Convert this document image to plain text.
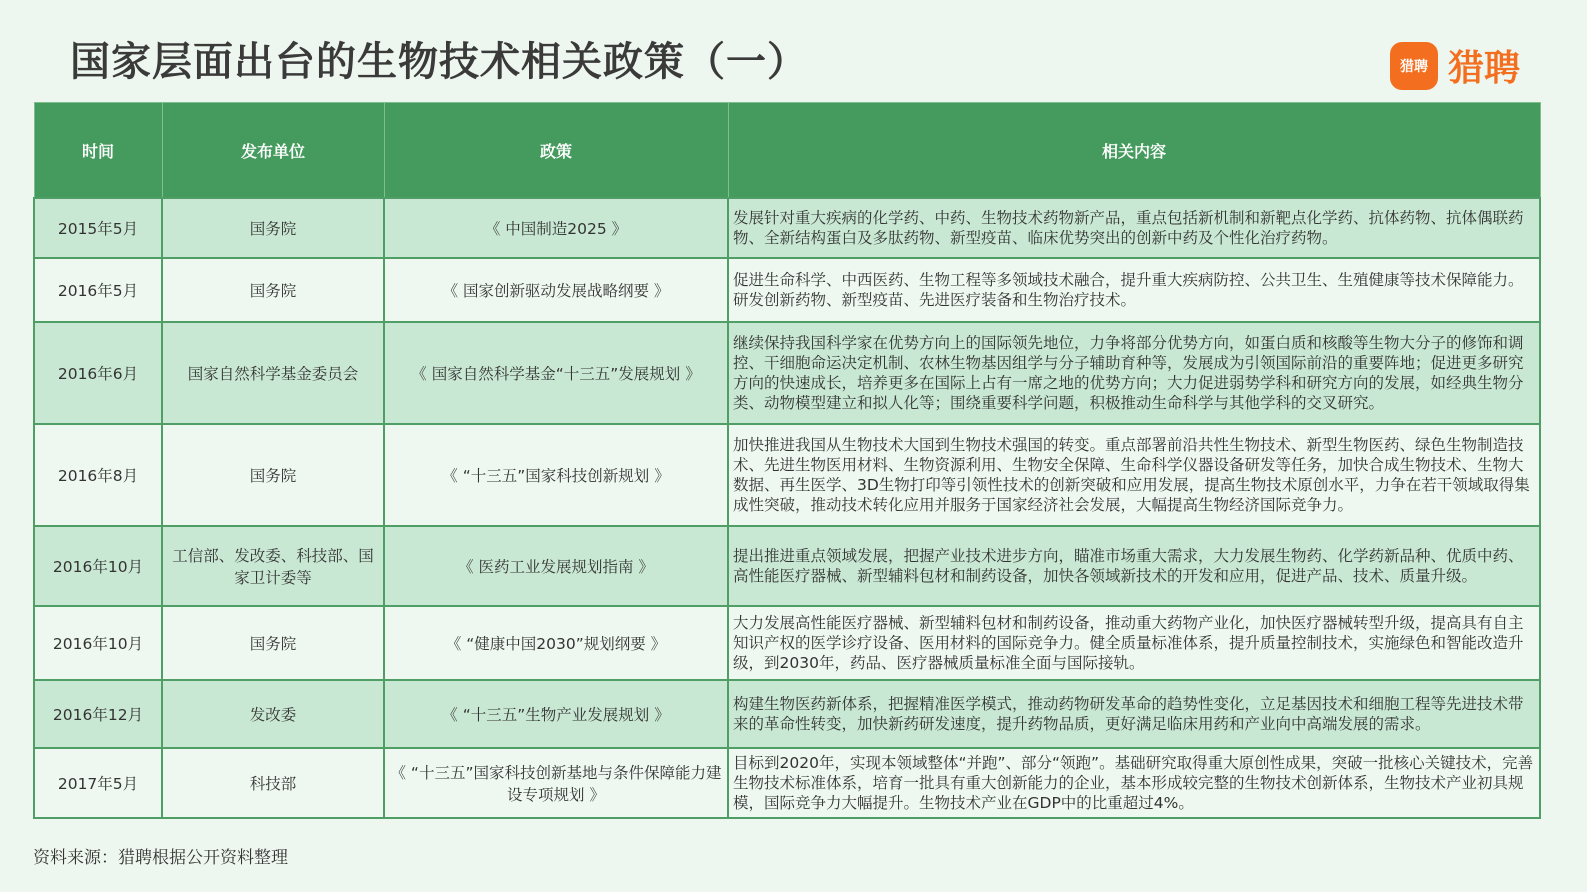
国家层面出台的生物技术相关政策（一）	猎聘 猎聘
时间	发布单位	政策	相关内容
2015年5月	国务院	《 中国制造2025 》	发展针对重大疾病的化学药、中药、生物技术药物新产品，重点包括新机制和新靶点化学药、抗体药物、抗体偶联药物、全新结构蛋白及多肽药物、新型疫苗、临床优势突出的创新中药及个性化治疗药物。
2016年5月	国务院	《 国家创新驱动发展战略纲要 》	促进生命科学、中西医药、生物工程等多领域技术融合，提升重大疾病防控、公共卫生、生殖健康等技术保障能力。研发创新药物、新型疫苗、先进医疗装备和生物治疗技术。
2016年6月	国家自然科学基金委员会	《 国家自然科学基金“十三五”发展规划 》	继续保持我国科学家在优势方向上的国际领先地位，力争将部分优势方向，如蛋白质和核酸等生物大分子的修饰和调控、干细胞命运决定机制、农林生物基因组学与分子辅助育种等，发展成为引领国际前沿的重要阵地；促进更多研究方向的快速成长，培养更多在国际上占有一席之地的优势方向；大力促进弱势学科和研究方向的发展，如经典生物分类、动物模型建立和拟人化等；围绕重要科学问题，积极推动生命科学与其他学科的交叉研究。
2016年8月	国务院	《 “十三五”国家科技创新规划 》	加快推进我国从生物技术大国到生物技术强国的转变。重点部署前沿共性生物技术、新型生物医药、绿色生物制造技术、先进生物医用材料、生物资源利用、生物安全保障、生命科学仪器设备研发等任务，加快合成生物技术、生物大数据、再生医学、3D生物打印等引领性技术的创新突破和应用发展，提高生物技术原创水平，力争在若干领域取得集成性突破，推动技术转化应用并服务于国家经济社会发展，大幅提高生物经济国际竞争力。
2016年10月	工信部、发改委、科技部、国家卫计委等	《 医药工业发展规划指南 》	提出推进重点领域发展，把握产业技术进步方向，瞄准市场重大需求，大力发展生物药、化学药新品种、优质中药、高性能医疗器械、新型辅料包材和制药设备，加快各领域新技术的开发和应用，促进产品、技术、质量升级。
2016年10月	国务院	《 “健康中国2030”规划纲要 》	大力发展高性能医疗器械、新型辅料包材和制药设备，推动重大药物产业化，加快医疗器械转型升级，提高具有自主知识产权的医学诊疗设备、医用材料的国际竞争力。健全质量标准体系，提升质量控制技术，实施绿色和智能改造升级，到2030年，药品、医疗器械质量标准全面与国际接轨。
2016年12月	发改委	《 “十三五”生物产业发展规划 》	构建生物医药新体系，把握精准医学模式，推动药物研发革命的趋势性变化，立足基因技术和细胞工程等先进技术带来的革命性转变，加快新药研发速度，提升药物品质，更好满足临床用药和产业向中高端发展的需求。
2017年5月	科技部	《 “十三五”国家科技创新基地与条件保障能力建设专项规划 》	目标到2020年，实现本领域整体“并跑”、部分“领跑”。基础研究取得重大原创性成果，突破一批核心关键技术，完善生物技术标准体系，培育一批具有重大创新能力的企业，基本形成较完整的生物技术创新体系，生物技术产业初具规模，国际竞争力大幅提升。生物技术产业在GDP中的比重超过4%。
资料来源：猎聘根据公开资料整理
